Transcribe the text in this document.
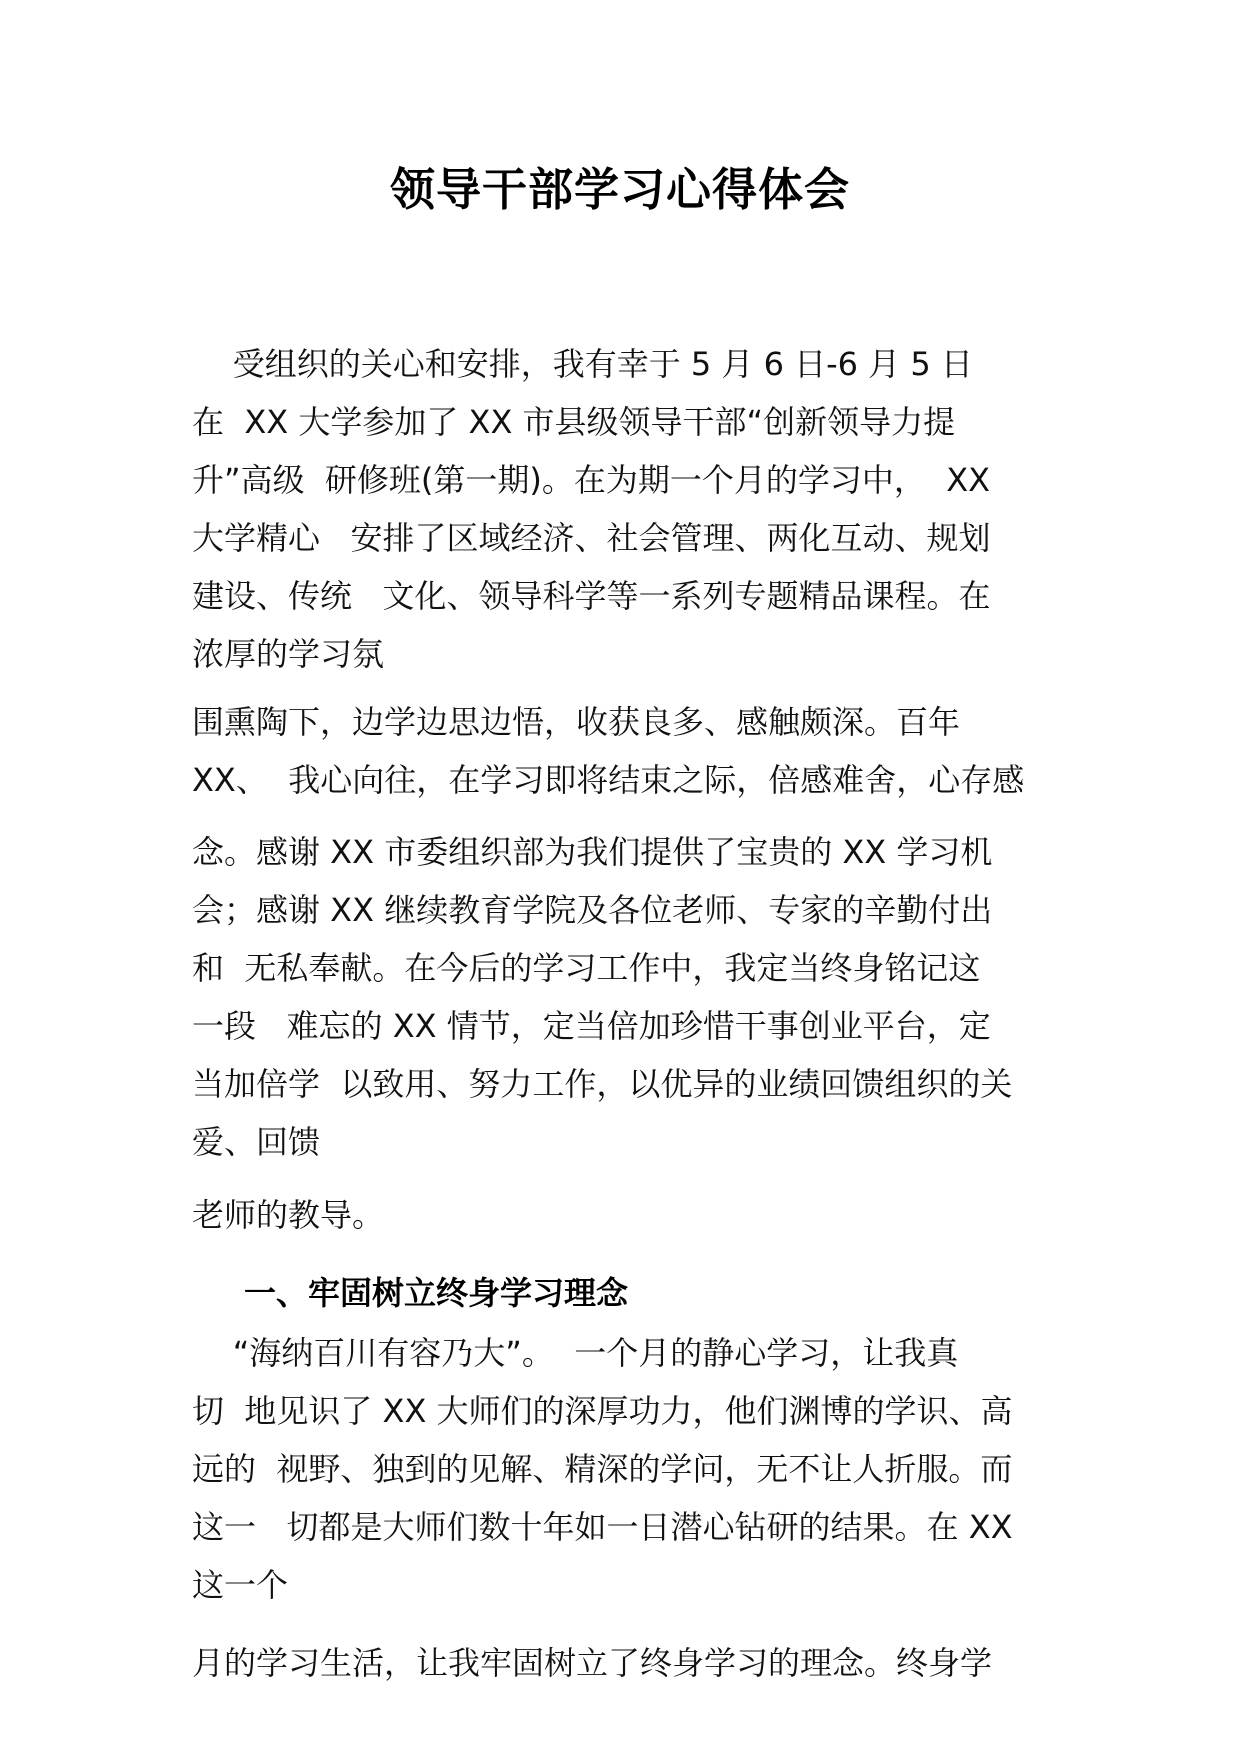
领导干部学习心得体会
受组织的关心和安排，我有幸于 5 月 6 日-6 月 5 日
在  XX 大学参加了 XX 市县级领导干部“创新领导力提
升”高级  研修班(第一期)。在为期一个月的学习中，  XX
大学精心   安排了区域经济、社会管理、两化互动、规划
建设、传统   文化、领导科学等一系列专题精品课程。在
浓厚的学习氛
围熏陶下，边学边思边悟，收获良多、感触颇深。百年
XX、  我心向往，在学习即将结束之际，倍感难舍，心存感
念。感谢 XX 市委组织部为我们提供了宝贵的 XX 学习机
会；感谢 XX 继续教育学院及各位老师、专家的辛勤付出
和  无私奉献。在今后的学习工作中，我定当终身铭记这
一段   难忘的 XX 情节，定当倍加珍惜干事创业平台，定
当加倍学  以致用、努力工作，以优异的业绩回馈组织的关
爱、回馈
老师的教导。
一、牢固树立终身学习理念
“海纳百川有容乃大”。  一个月的静心学习，让我真
切  地见识了 XX 大师们的深厚功力，他们渊博的学识、高
远的  视野、独到的见解、精深的学问，无不让人折服。而
这一   切都是大师们数十年如一日潜心钻研的结果。在 XX
这一个
月的学习生活，让我牢固树立了终身学习的理念。终身学
